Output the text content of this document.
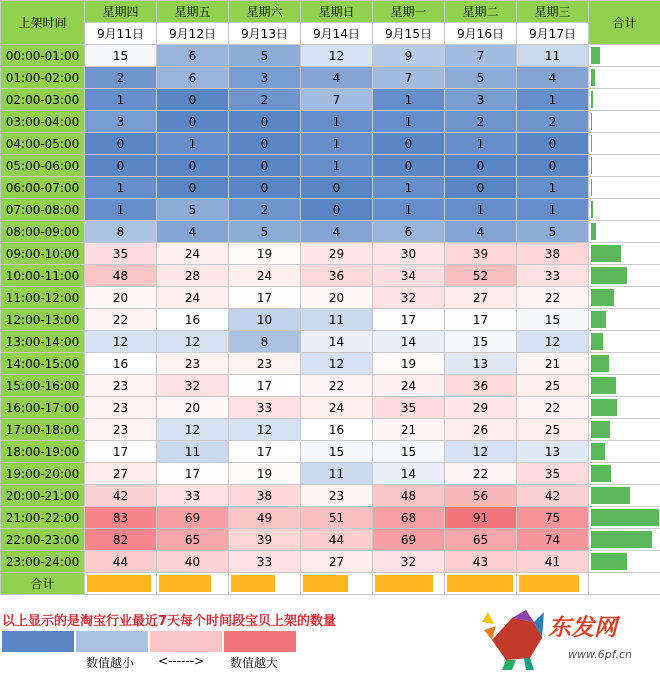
上架时间	星期四	星期五	星期六	星期日	星期一	星期二	星期三	合计
	9月11日	9月12日	9月13日	9月14日	9月15日	9月16日	9月17日	
00:00-01:00	15	6	5	12	9	7	11	

01:00-02:00	2	6	3	4	7	5	4	

02:00-03:00	1	0	2	7	1	3	1	

03:00-04:00	3	0	0	1	1	2	2	

04:00-05:00	0	1	0	1	0	1	0	

05:00-06:00	0	0	0	1	0	0	0	

06:00-07:00	1	0	0	0	1	0	1	

07:00-08:00	1	5	2	0	1	1	1	

08:00-09:00	8	4	5	4	6	4	5	

09:00-10:00	35	24	19	29	30	39	38	

10:00-11:00	48	28	24	36	34	52	33	

11:00-12:00	20	24	17	20	32	27	22	

12:00-13:00	22	16	10	11	17	17	15	

13:00-14:00	12	12	8	14	14	15	12	

14:00-15:00	16	23	23	12	19	13	21	

15:00-16:00	23	32	17	22	24	36	25	

16:00-17:00	23	20	33	24	35	29	22	

17:00-18:00	23	12	12	16	21	26	25	

18:00-19:00	17	11	17	15	15	12	13	

19:00-20:00	27	17	19	11	14	22	35	

20:00-21:00	42	33	38	23	48	56	42	

21:00-22:00	83	69	49	51	68	91	75	

22:00-23:00	82	65	39	44	69	65	74	

23:00-24:00	44	40	33	27	32	43	41	

合计	

以上显示的是淘宝行业最近7天每个时间段宝贝上架的数量
数值越小 <------> 数值越大
东发网
www.6pf.cn
